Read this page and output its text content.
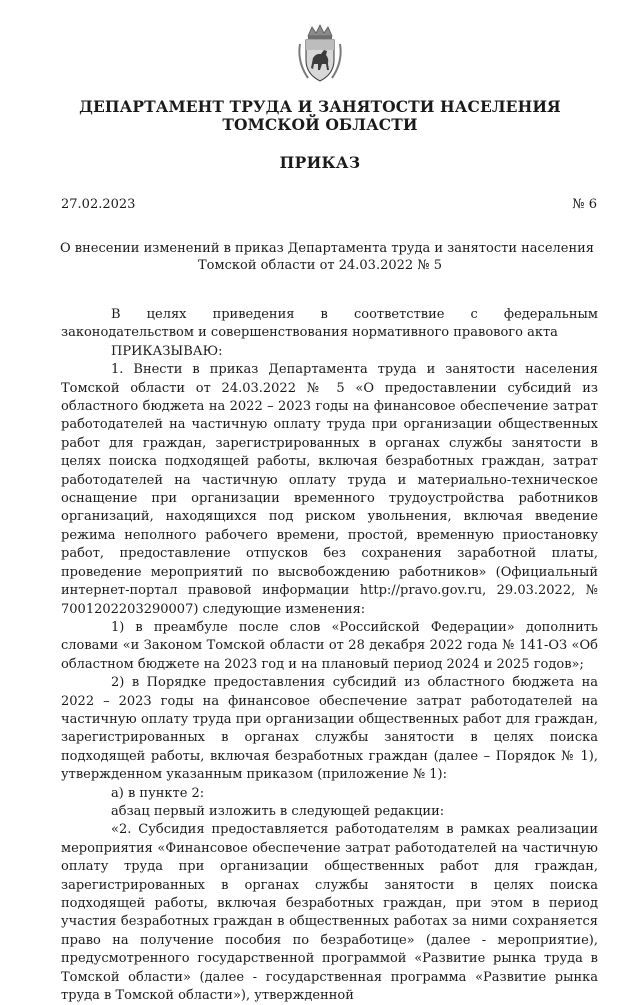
ДЕПАРТАМЕНТ ТРУДА И ЗАНЯТОСТИ НАСЕЛЕНИЯ
ТОМСКОЙ ОБЛАСТИ
ПРИКАЗ
27.02.2023	№ 6
О внесении изменений в приказ Департамента труда и занятости населения
Томской области от 24.03.2022 № 5

В целях приведения в соответствие с федеральным законодательством и совершенствования нормативного правового акта

ПРИКАЗЫВАЮ:

1. Внести в приказ Департамента труда и занятости населения Томской области от 24.03.2022 № 5 «О предоставлении субсидий из областного бюджета на 2022 – 2023 годы на финансовое обеспечение затрат работодателей на частичную оплату труда при организации общественных работ для граждан, зарегистрированных в органах службы занятости в целях поиска подходящей работы, включая безработных граждан, затрат работодателей на частичную оплату труда и материально-техническое оснащение при организации временного трудоустройства работников организаций, находящихся под риском увольнения, включая введение режима неполного рабочего времени, простой, временную приостановку работ, предоставление отпусков без сохранения заработной платы, проведение мероприятий по высвобождению работников» (Официальный интернет-портал правовой информации http://pravo.gov.ru, 29.03.2022, № 7001202203290007) следующие изменения:

1) в преамбуле после слов «Российской Федерации» дополнить словами «и Законом Томской области от 28 декабря 2022 года № 141-ОЗ «Об областном бюджете на 2023 год и на плановый период 2024 и 2025 годов»;

2) в Порядке предоставления субсидий из областного бюджета на 2022 – 2023 годы на финансовое обеспечение затрат работодателей на частичную оплату труда при организации общественных работ для граждан, зарегистрированных в органах службы занятости в целях поиска подходящей работы, включая безработных граждан (далее – Порядок № 1), утвержденном указанным приказом (приложение № 1):

а) в пункте 2:

абзац первый изложить в следующей редакции:

«2. Субсидия предоставляется работодателям в рамках реализации мероприятия «Финансовое обеспечение затрат работодателей на частичную оплату труда при организации общественных работ для граждан, зарегистрированных в органах службы занятости в целях поиска подходящей работы, включая безработных граждан, при этом в период участия безработных граждан в общественных работах за ними сохраняется право на получение пособия по безработице» (далее - мероприятие), предусмотренного государственной программой «Развитие рынка труда в Томской области» (далее - государственная программа «Развитие рынка труда в Томской области»), утвержденной
